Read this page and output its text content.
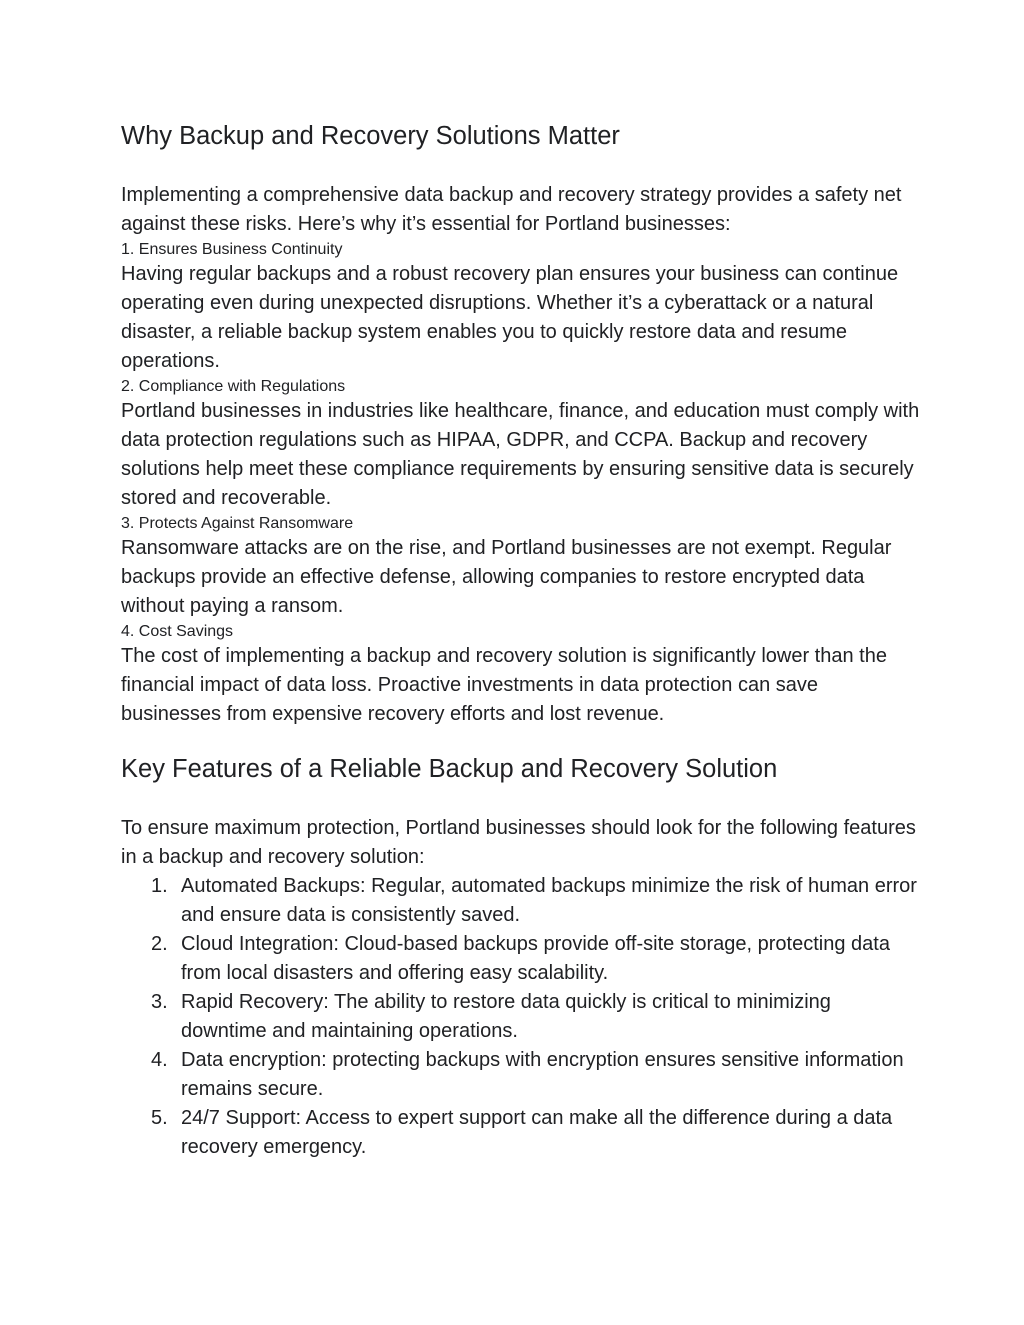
Why Backup and Recovery Solutions Matter

Implementing a comprehensive data backup and recovery strategy provides a safety net against these risks. Here’s why it’s essential for Portland businesses:

1. Ensures Business Continuity

Having regular backups and a robust recovery plan ensures your business can continue operating even during unexpected disruptions. Whether it’s a cyberattack or a natural disaster, a reliable backup system enables you to quickly restore data and resume operations.

2. Compliance with Regulations

Portland businesses in industries like healthcare, finance, and education must comply with data protection regulations such as HIPAA, GDPR, and CCPA. Backup and recovery solutions help meet these compliance requirements by ensuring sensitive data is securely stored and recoverable.

3. Protects Against Ransomware

Ransomware attacks are on the rise, and Portland businesses are not exempt. Regular backups provide an effective defense, allowing companies to restore encrypted data without paying a ransom.

4. Cost Savings

The cost of implementing a backup and recovery solution is significantly lower than the financial impact of data loss. Proactive investments in data protection can save businesses from expensive recovery efforts and lost revenue.

Key Features of a Reliable Backup and Recovery Solution

To ensure maximum protection, Portland businesses should look for the following features in a backup and recovery solution:

1. Automated Backups: Regular, automated backups minimize the risk of human error and ensure data is consistently saved.
2. Cloud Integration: Cloud-based backups provide off-site storage, protecting data from local disasters and offering easy scalability.
3. Rapid Recovery: The ability to restore data quickly is critical to minimizing downtime and maintaining operations.
4. Data encryption: protecting backups with encryption ensures sensitive information remains secure.
5. 24/7 Support: Access to expert support can make all the difference during a data recovery emergency.
